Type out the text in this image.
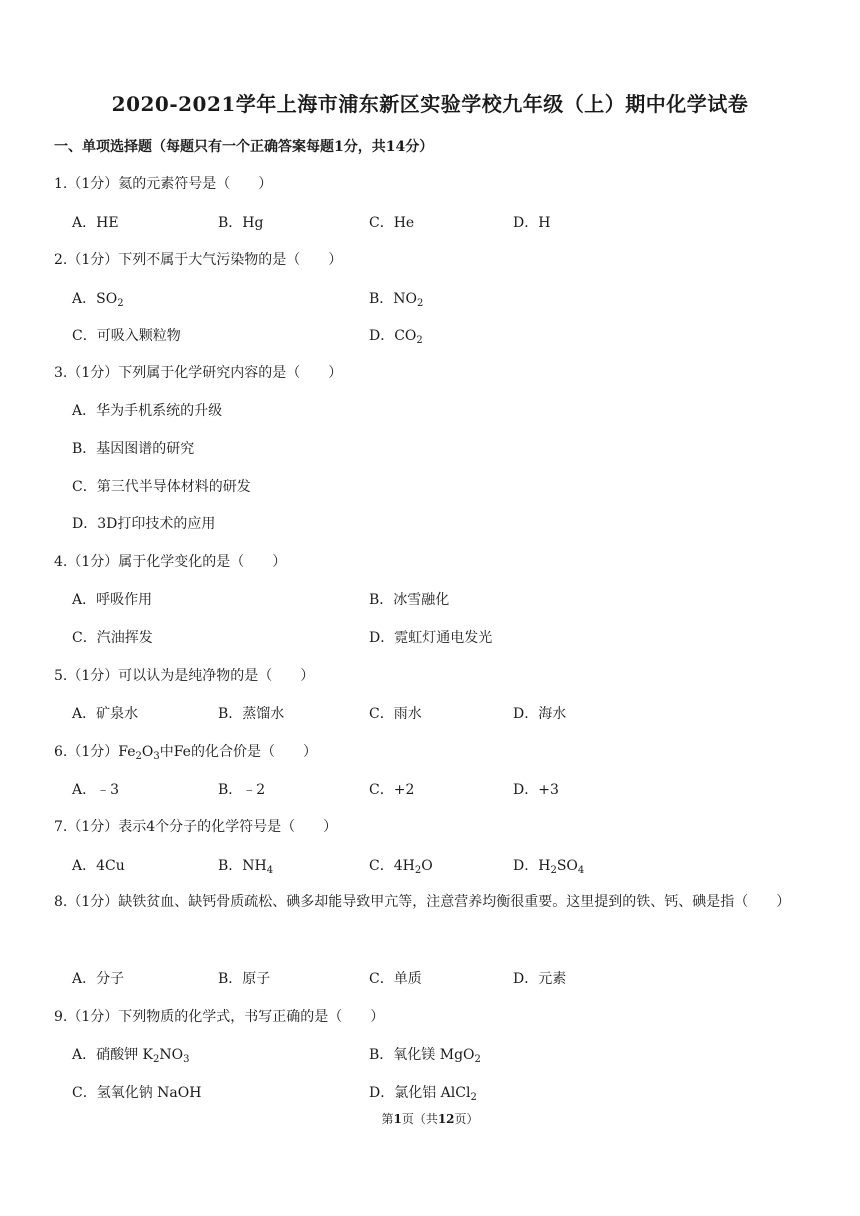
2020-2021学年上海市浦东新区实验学校九年级（上）期中化学试卷
一、单项选择题（每题只有一个正确答案每题1分，共14分）
1.（1分）氦的元素符号是（　　）
A．HE	B．Hg	C．He	D．H
2.（1分）下列不属于大气污染物的是（　　）
A．$SO_2$	B．$NO_2$
C．可吸入颗粒物	D．$CO_2$
3.（1分）下列属于化学研究内容的是（　　）
A．华为手机系统的升级
B．基因图谱的研究
C．第三代半导体材料的研发
D．3D打印技术的应用
4.（1分）属于化学变化的是（　　）
A．呼吸作用	B．冰雪融化
C．汽油挥发	D．霓虹灯通电发光
5.（1分）可以认为是纯净物的是（　　）
A．矿泉水	B．蒸馏水	C．雨水	D．海水
6.（1分）$Fe_2O_3$中Fe的化合价是（　　）
A．﹣3	B．﹣2	C．+2	D．+3
7.（1分）表示4个分子的化学符号是（　　）
A．4Cu	B．$NH_4$	C．$4H_2O$	D．$H_2SO_4$
8.（1分）缺铁贫血、缺钙骨质疏松、碘多却能导致甲亢等，注意营养均衡很重要。这里提到的铁、钙、碘是指（　　）
A．分子	B．原子	C．单质	D．元素
9.（1分）下列物质的化学式，书写正确的是（　　）
A．硝酸钾 $K_2NO_3$	B．氧化镁 MgO$_2$
C．氢氧化钠 NaOH	D．氯化铝 AlCl$_2$
第1页（共12页）
